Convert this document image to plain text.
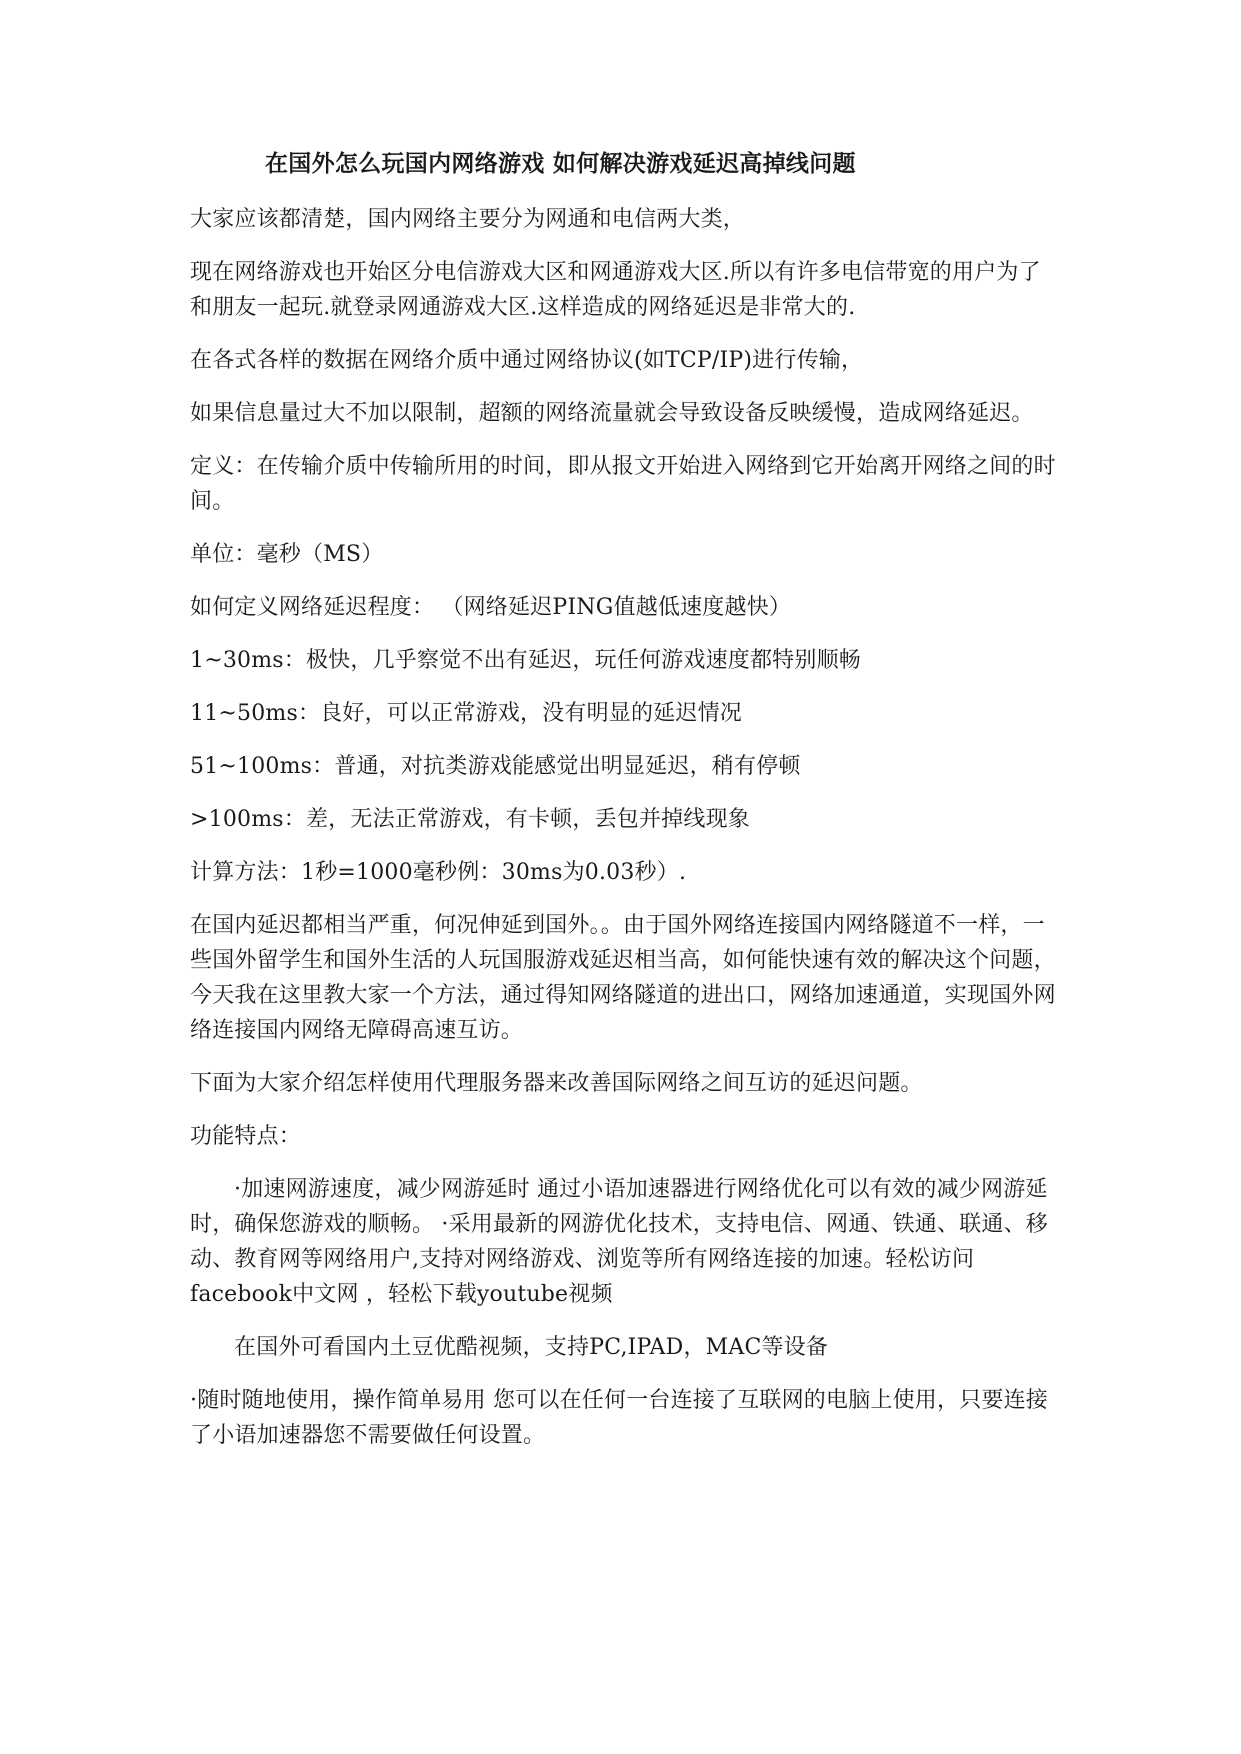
在国外怎么玩国内网络游戏 如何解决游戏延迟高掉线问题
大家应该都清楚，国内网络主要分为网通和电信两大类，
现在网络游戏也开始区分电信游戏大区和网通游戏大区.所以有许多电信带宽的用户为了和朋友一起玩.就登录网通游戏大区.这样造成的网络延迟是非常大的.
在各式各样的数据在网络介质中通过网络协议(如TCP/IP)进行传输，
如果信息量过大不加以限制，超额的网络流量就会导致设备反映缓慢，造成网络延迟。
定义：在传输介质中传输所用的时间，即从报文开始进入网络到它开始离开网络之间的时间。
单位：毫秒（MS）
如何定义网络延迟程度： （网络延迟PING值越低速度越快）
1~30ms：极快，几乎察觉不出有延迟，玩任何游戏速度都特别顺畅
11~50ms：良好，可以正常游戏，没有明显的延迟情况
51~100ms：普通，对抗类游戏能感觉出明显延迟，稍有停顿
>100ms：差，无法正常游戏，有卡顿，丢包并掉线现象
计算方法：1秒=1000毫秒例：30ms为0.03秒）.
在国内延迟都相当严重，何况伸延到国外。。由于国外网络连接国内网络隧道不一样，一些国外留学生和国外生活的人玩国服游戏延迟相当高，如何能快速有效的解决这个问题，今天我在这里教大家一个方法，通过得知网络隧道的进出口，网络加速通道，实现国外网络连接国内网络无障碍高速互访。
下面为大家介绍怎样使用代理服务器来改善国际网络之间互访的延迟问题。
功能特点：
·加速网游速度，减少网游延时 通过小语加速器进行网络优化可以有效的减少网游延时，确保您游戏的顺畅。 ·采用最新的网游优化技术，支持电信、网通、铁通、联通、移动、教育网等网络用户,支持对网络游戏、浏览等所有网络连接的加速。轻松访问facebook中文网 ，轻松下载youtube视频
在国外可看国内土豆优酷视频，支持PC,IPAD，MAC等设备
·随时随地使用，操作简单易用 您可以在任何一台连接了互联网的电脑上使用，只要连接了小语加速器您不需要做任何设置。
